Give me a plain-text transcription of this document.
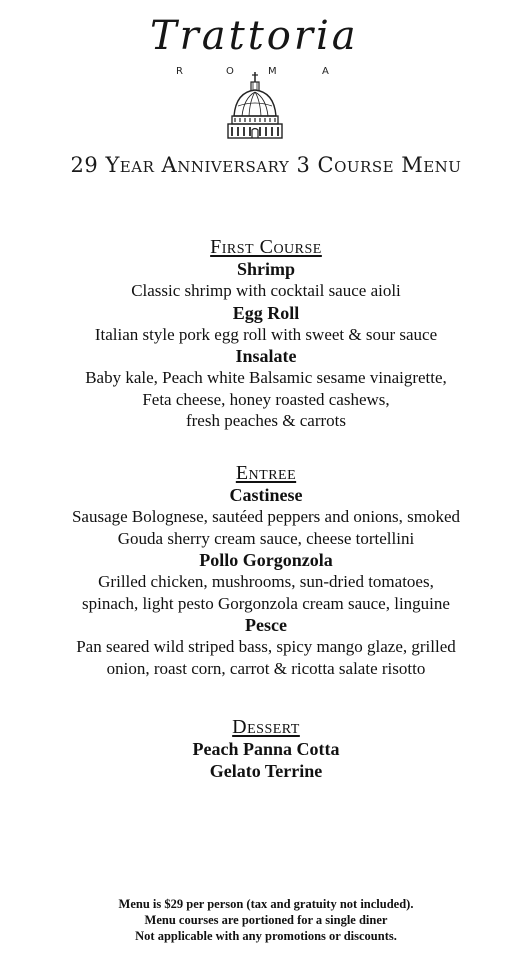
Trattoria
R	O	M	A
29 Year Anniversary 3 Course Menu
First Course

Shrimp

Classic shrimp with cocktail sauce aioli

Egg Roll

Italian style pork egg roll with sweet & sour sauce

Insalate

Baby kale, Peach white Balsamic sesame vinaigrette,
Feta cheese, honey roasted cashews,
fresh peaches & carrots

Entree

Castinese

Sausage Bolognese, sautéed peppers and onions, smoked
Gouda sherry cream sauce, cheese tortellini

Pollo Gorgonzola

Grilled chicken, mushrooms, sun-dried tomatoes,
spinach, light pesto Gorgonzola cream sauce, linguine

Pesce

Pan seared wild striped bass, spicy mango glaze, grilled
onion, roast corn, carrot & ricotta salate risotto

Dessert

Peach Panna Cotta

Gelato Terrine

Menu is $29 per person (tax and gratuity not included).
Menu courses are portioned for a single diner
Not applicable with any promotions or discounts.
